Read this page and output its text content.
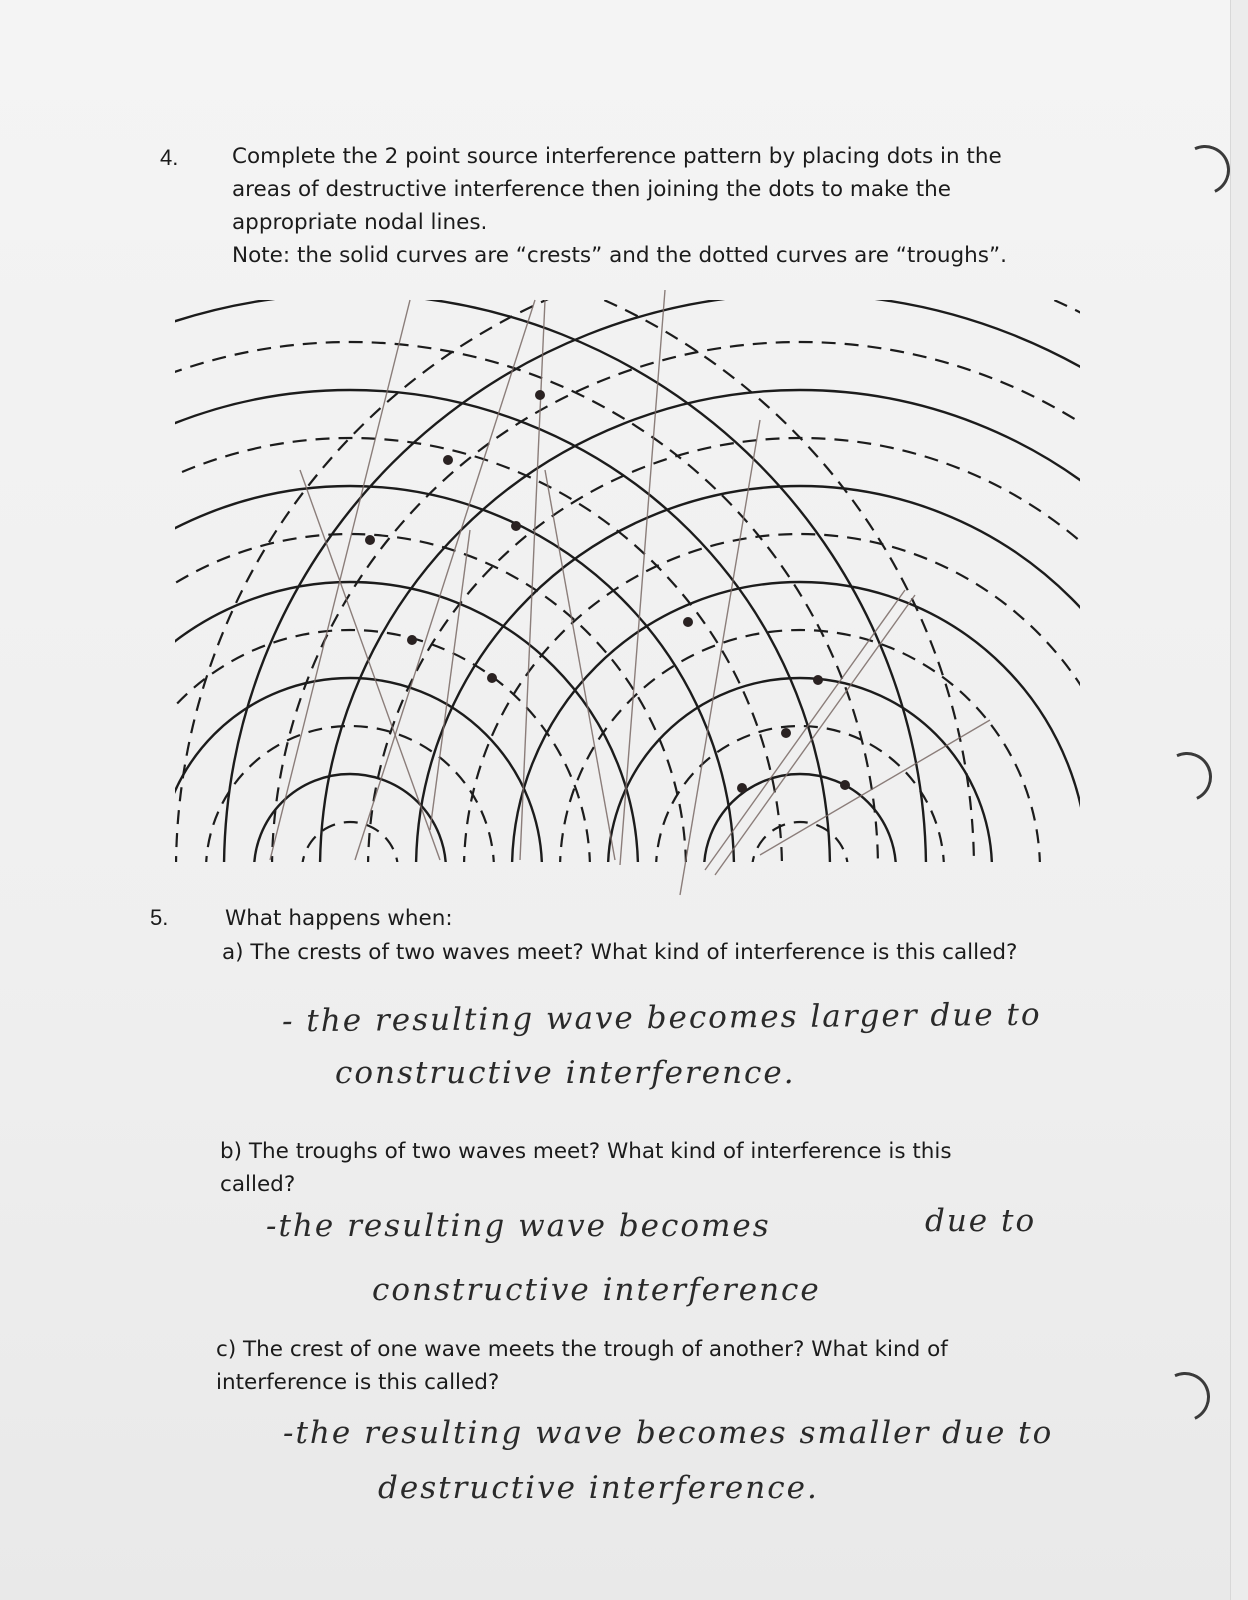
4. Complete the 2 point source interference pattern by placing dots in the
areas of destructive interference then joining the dots to make the
appropriate nodal lines.
Note: the solid curves are “crests” and the dotted curves are “troughs”.
5.	What happens when:
a) The crests of two waves meet? What kind of interference is this called?
- the resulting wave becomes larger due to
constructive interference.
b) The troughs of two waves meet? What kind of interference is this
called?
-the resulting wave becomes	due to
constructive interference
c) The crest of one wave meets the trough of another? What kind of
interference is this called?
-the resulting wave becomes smaller due to
destructive interference.
